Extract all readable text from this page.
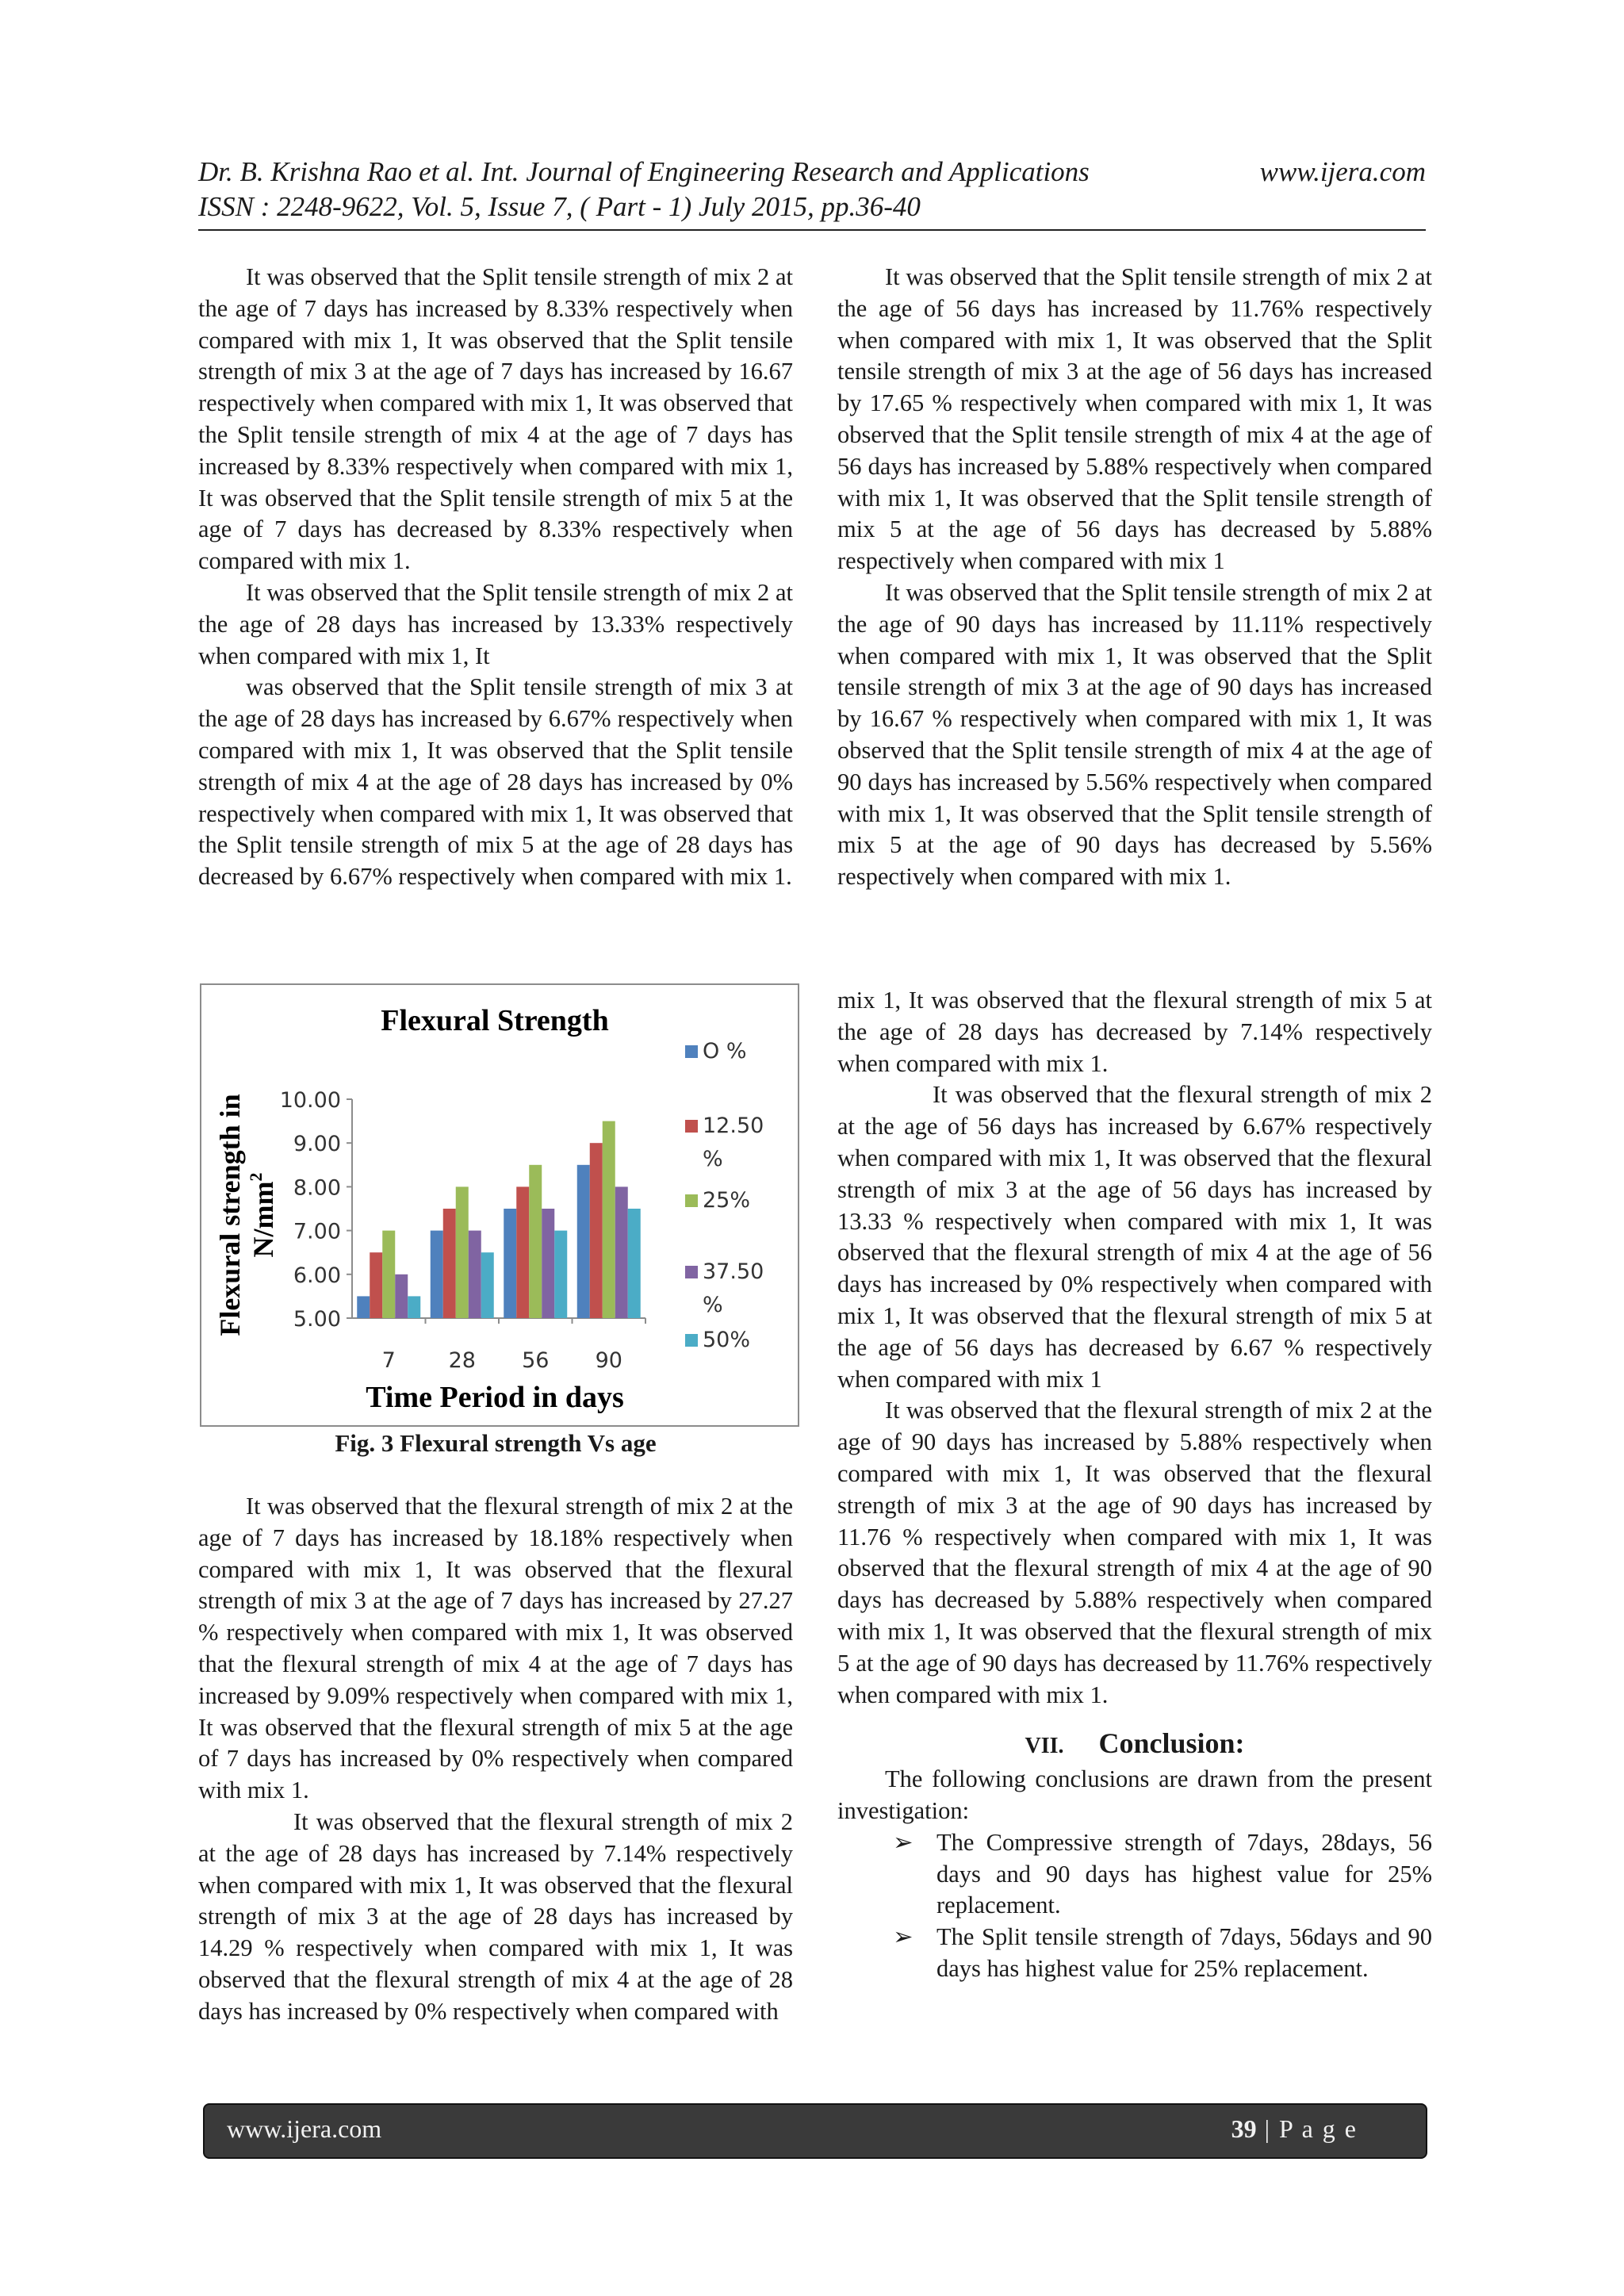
Dr. B. Krishna Rao et al. Int. Journal of Engineering Research and Applications	www.ijera.com
ISSN : 2248-9622, Vol. 5, Issue 7, ( Part - 1) July 2015, pp.36-40

It was observed that the Split tensile strength of mix 2 at the age of 7 days has increased by 8.33% respectively when compared with mix 1, It was observed that the Split tensile strength of mix 3 at the age of 7 days has increased by 16.67 respectively when compared with mix 1, It was observed that the Split tensile strength of mix 4 at the age of 7 days has increased by 8.33% respectively when compared with mix 1, It was observed that the Split tensile strength of mix 5 at the age of 7 days has decreased by 8.33% respectively when compared with mix 1.

It was observed that the Split tensile strength of mix 2 at the age of 28 days has increased by 13.33% respectively when compared with mix 1, It

was observed that the Split tensile strength of mix 3 at the age of 28 days has increased by 6.67% respectively when compared with mix 1, It was observed that the Split tensile strength of mix 4 at the age of 28 days has increased by 0% respectively when compared with mix 1, It was observed that the Split tensile strength of mix 5 at the age of 28 days has decreased by 6.67% respectively when compared with mix 1.

Flexural Strength
Flexural strength in $N/mm^2$
5.00
6.00
7.00
8.00
9.00
10.00
7 28 56 90
Time Period in days
O %
12.50
%
25%
37.50
%
50%
Fig. 3 Flexural strength Vs age

It was observed that the flexural strength of mix 2 at the age of 7 days has increased by 18.18% respectively when compared with mix 1, It was observed that the flexural strength of mix 3 at the age of 7 days has increased by 27.27 % respectively when compared with mix 1, It was observed that the flexural strength of mix 4 at the age of 7 days has increased by 9.09% respectively when compared with mix 1, It was observed that the flexural strength of mix 5 at the age of 7 days has increased by 0% respectively when compared with mix 1.

It was observed that the flexural strength of mix 2 at the age of 28 days has increased by 7.14% respectively when compared with mix 1, It was observed that the flexural strength of mix 3 at the age of 28 days has increased by 14.29 % respectively when compared with mix 1, It was observed that the flexural strength of mix 4 at the age of 28 days has increased by 0% respectively when compared with

It was observed that the Split tensile strength of mix 2 at the age of 56 days has increased by 11.76% respectively when compared with mix 1, It was observed that the Split tensile strength of mix 3 at the age of 56 days has increased by 17.65 % respectively when compared with mix 1, It was observed that the Split tensile strength of mix 4 at the age of 56 days has increased by 5.88% respectively when compared with mix 1, It was observed that the Split tensile strength of mix 5 at the age of 56 days has decreased by 5.88% respectively when compared with mix 1

It was observed that the Split tensile strength of mix 2 at the age of 90 days has increased by 11.11% respectively when compared with mix 1, It was observed that the Split tensile strength of mix 3 at the age of 90 days has increased by 16.67 % respectively when compared with mix 1, It was observed that the Split tensile strength of mix 4 at the age of 90 days has increased by 5.56% respectively when compared with mix 1, It was observed that the Split tensile strength of mix 5 at the age of 90 days has decreased by 5.56% respectively when compared with mix 1.

mix 1, It was observed that the flexural strength of mix 5 at the age of 28 days has decreased by 7.14% respectively when compared with mix 1.

It was observed that the flexural strength of mix 2 at the age of 56 days has increased by 6.67% respectively when compared with mix 1, It was observed that the flexural strength of mix 3 at the age of 56 days has increased by 13.33 % respectively when compared with mix 1, It was observed that the flexural strength of mix 4 at the age of 56 days has increased by 0% respectively when compared with mix 1, It was observed that the flexural strength of mix 5 at the age of 56 days has decreased by 6.67 % respectively when compared with mix 1

It was observed that the flexural strength of mix 2 at the age of 90 days has increased by 5.88% respectively when compared with mix 1, It was observed that the flexural strength of mix 3 at the age of 90 days has increased by 11.76 % respectively when compared with mix 1, It was observed that the flexural strength of mix 4 at the age of 90 days has decreased by 5.88% respectively when compared with mix 1, It was observed that the flexural strength of mix 5 at the age of 90 days has decreased by 11.76% respectively when compared with mix 1.

VII. Conclusion:

The following conclusions are drawn from the present investigation:

➢ The Compressive strength of 7days, 28days, 56 days and 90 days has highest value for 25% replacement.
➢ The Split tensile strength of 7days, 56days and 90 days has highest value for 25% replacement.
www.ijera.com	39 | P a g e
